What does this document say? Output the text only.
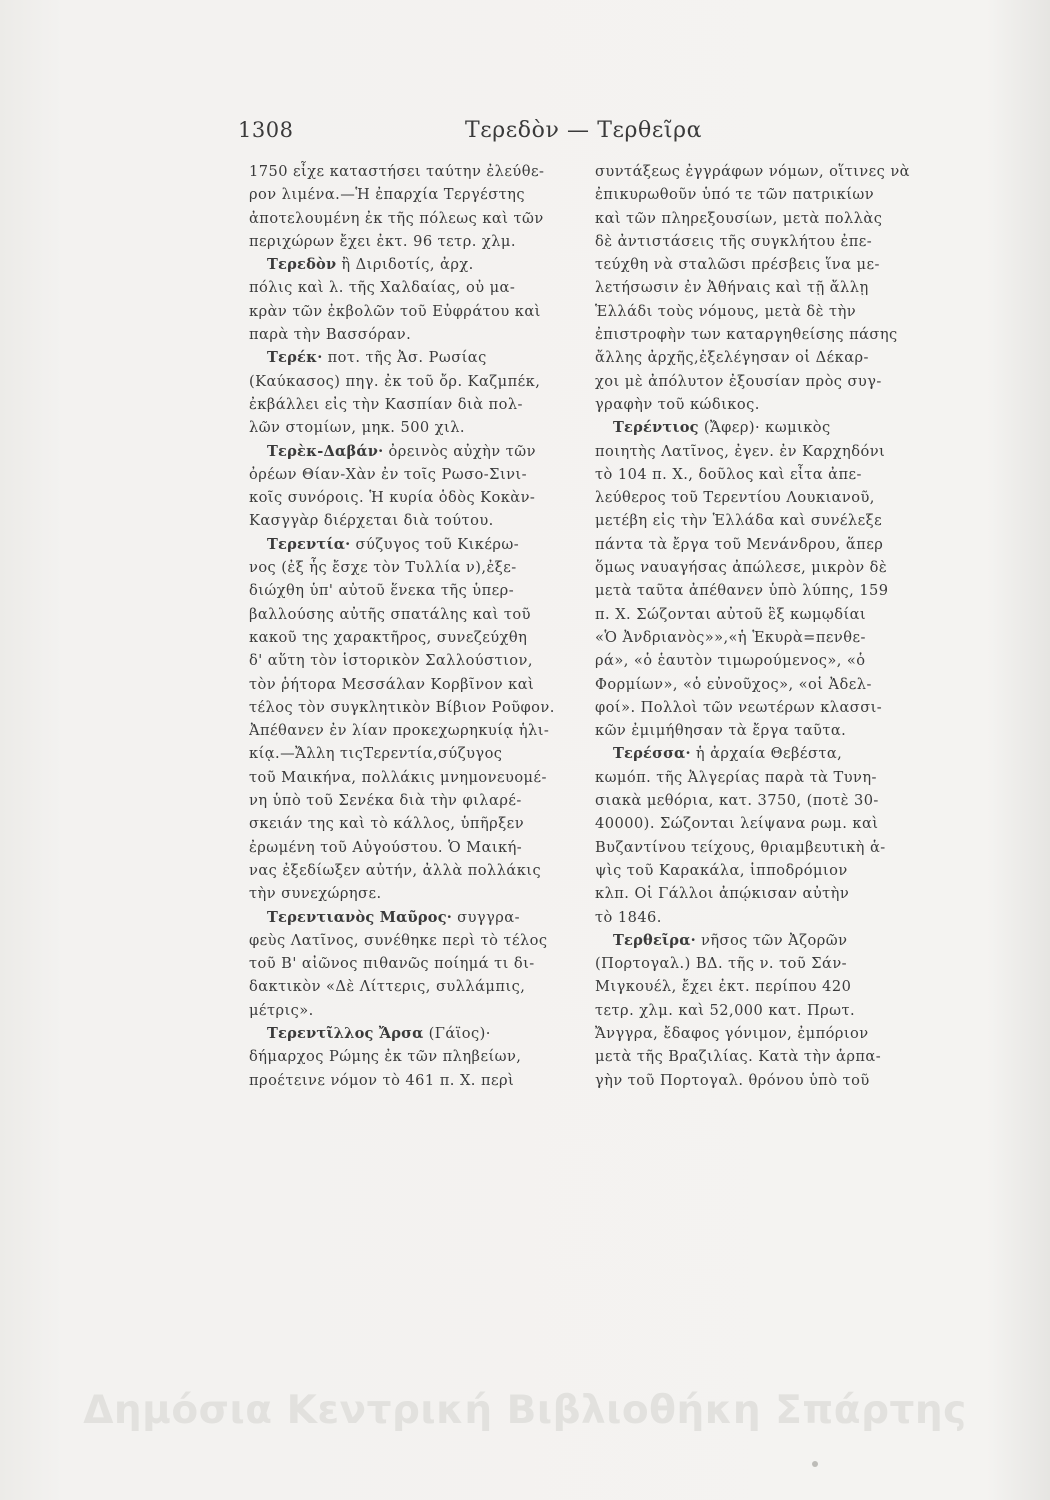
1308	Τερεδὸν — Τερθεῖρα
1750 εἶχε καταστήσει ταύτην ἐλεύθε-
ρον λιμένα.—Ἡ ἐπαρχία Τεργέστης
ἀποτελουμένη ἐκ τῆς πόλεως καὶ τῶν
περιχώρων ἔχει ἐκτ. 96 τετρ. χλμ.
Τερεδὸν ἢ Διριδοτίς, ἀρχ.
πόλις καὶ λ. τῆς Χαλδαίας, οὐ μα-
κρὰν τῶν ἐκβολῶν τοῦ Εὐφράτου καὶ
παρὰ τὴν Βασσόραν.
Τερέκ· ποτ. τῆς Ἀσ. Ρωσίας
(Καύκασος) πηγ. ἐκ τοῦ ὄρ. Καζμπέκ,
ἐκβάλλει εἰς τὴν Κασπίαν διὰ πολ-
λῶν στομίων, μηκ. 500 χιλ.
Τερὲκ-Δαβάν· ὀρεινὸς αὐχὴν τῶν
ὀρέων Θίαν-Χὰν ἐν τοῖς Ρωσο-Σινι-
κοῖς συνόροις. Ἡ κυρία ὁδὸς Κοκὰν-
Κασγγὰρ διέρχεται διὰ τούτου.
Τερεντία· σύζυγος τοῦ Κικέρω-
νος (ἐξ ἧς ἔσχε τὸν Τυλλία ν),ἐξε-
διώχθη ὑπ' αὐτοῦ ἕνεκα τῆς ὑπερ-
βαλλούσης αὐτῆς σπατάλης καὶ τοῦ
κακοῦ της χαρακτῆρος, συνεζεύχθη
δ' αὕτη τὸν ἱστορικὸν Σαλλούστιον,
τὸν ῥήτορα Μεσσάλαν Κορβῖνον καὶ
τέλος τὸν συγκλητικὸν Βίβιον Ροῦφον.
Ἀπέθανεν ἐν λίαν προκεχωρηκυίᾳ ἡλι-
κίᾳ.—Ἄλλη τιςΤερεντία,σύζυγος
τοῦ Μαικήνα, πολλάκις μνημονευομέ-
νη ὑπὸ τοῦ Σενέκα διὰ τὴν φιλαρέ-
σκειάν της καὶ τὸ κάλλος, ὑπῆρξεν
ἐρωμένη τοῦ Αὐγούστου. Ὁ Μαική-
νας ἐξεδίωξεν αὐτήν, ἀλλὰ πολλάκις
τὴν συνεχώρησε.
Τερεντιανὸς Μαῦρος· συγγρα-
φεὺς Λατῖνος, συνέθηκε περὶ τὸ τέλος
τοῦ Β' αἰῶνος πιθανῶς ποίημά τι δι-
δακτικὸν «Δὲ Λίττερις, συλλάμπις,
μέτρις».
Τερεντῖλλος Ἄρσα (Γάϊος)·
δήμαρχος Ρώμης ἐκ τῶν πληβείων,
προέτεινε νόμον τὸ 461 π. Χ. περὶ
συντάξεως ἐγγράφων νόμων, οἵτινες νὰ
ἐπικυρωθοῦν ὑπό τε τῶν πατρικίων
καὶ τῶν πληρεξουσίων, μετὰ πολλὰς
δὲ ἀντιστάσεις τῆς συγκλήτου ἐπε-
τεύχθη νὰ σταλῶσι πρέσβεις ἵνα με-
λετήσωσιν ἐν Ἀθήναις καὶ τῇ ἄλλῃ
Ἑλλάδι τοὺς νόμους, μετὰ δὲ τὴν
ἐπιστροφὴν των καταργηθείσης πάσης
ἄλλης ἀρχῆς,ἐξελέγησαν οἱ Δέκαρ-
χοι μὲ ἀπόλυτον ἐξουσίαν πρὸς συγ-
γραφὴν τοῦ κώδικος.
Τερέντιος (Ἄφερ)· κωμικὸς
ποιητὴς Λατῖνος, ἐγεν. ἐν Καρχηδόνι
τὸ 104 π. Χ., δοῦλος καὶ εἶτα ἀπε-
λεύθερος τοῦ Τερεντίου Λουκιανοῦ,
μετέβη εἰς τὴν Ἑλλάδα καὶ συνέλεξε
πάντα τὰ ἔργα τοῦ Μενάνδρου, ἅπερ
ὅμως ναυαγήσας ἀπώλεσε, μικρὸν δὲ
μετὰ ταῦτα ἀπέθανεν ὑπὸ λύπης, 159
π. Χ. Σώζονται αὐτοῦ ἓξ κωμῳδίαι
«Ὁ Ἀνδριανὸς»»,«ἡ Ἑκυρὰ=πενθε-
ρά», «ὁ ἑαυτὸν τιμωρούμενος», «ὁ
Φορμίων», «ὁ εὐνοῦχος», «οἱ Ἀδελ-
φοί». Πολλοὶ τῶν νεωτέρων κλασσι-
κῶν ἐμιμήθησαν τὰ ἔργα ταῦτα.
Τερέσσα· ἡ ἀρχαία Θεβέστα,
κωμόπ. τῆς Ἀλγερίας παρὰ τὰ Τυνη-
σιακὰ μεθόρια, κατ. 3750, (ποτὲ 30-
40000). Σώζονται λείψανα ρωμ. καὶ
Βυζαντίνου τείχους, θριαμβευτικὴ ἁ-
ψὶς τοῦ Καρακάλα, ἱπποδρόμιον
κλπ. Οἱ Γάλλοι ἀπῴκισαν αὐτὴν
τὸ 1846.
Τερθεῖρα· νῆσος τῶν Ἀζορῶν
(Πορτογαλ.) ΒΔ. τῆς ν. τοῦ Σάν-
Μιγκουέλ, ἔχει ἐκτ. περίπου 420
τετρ. χλμ. καὶ 52,000 κατ. Πρωτ.
Ἄνγγρα, ἔδαφος γόνιμον, ἐμπόριον
μετὰ τῆς Βραζιλίας. Κατὰ τὴν ἁρπα-
γὴν τοῦ Πορτογαλ. θρόνου ὑπὸ τοῦ
Δημόσια Κεντρική Βιβλιοθήκη Σπάρτης
